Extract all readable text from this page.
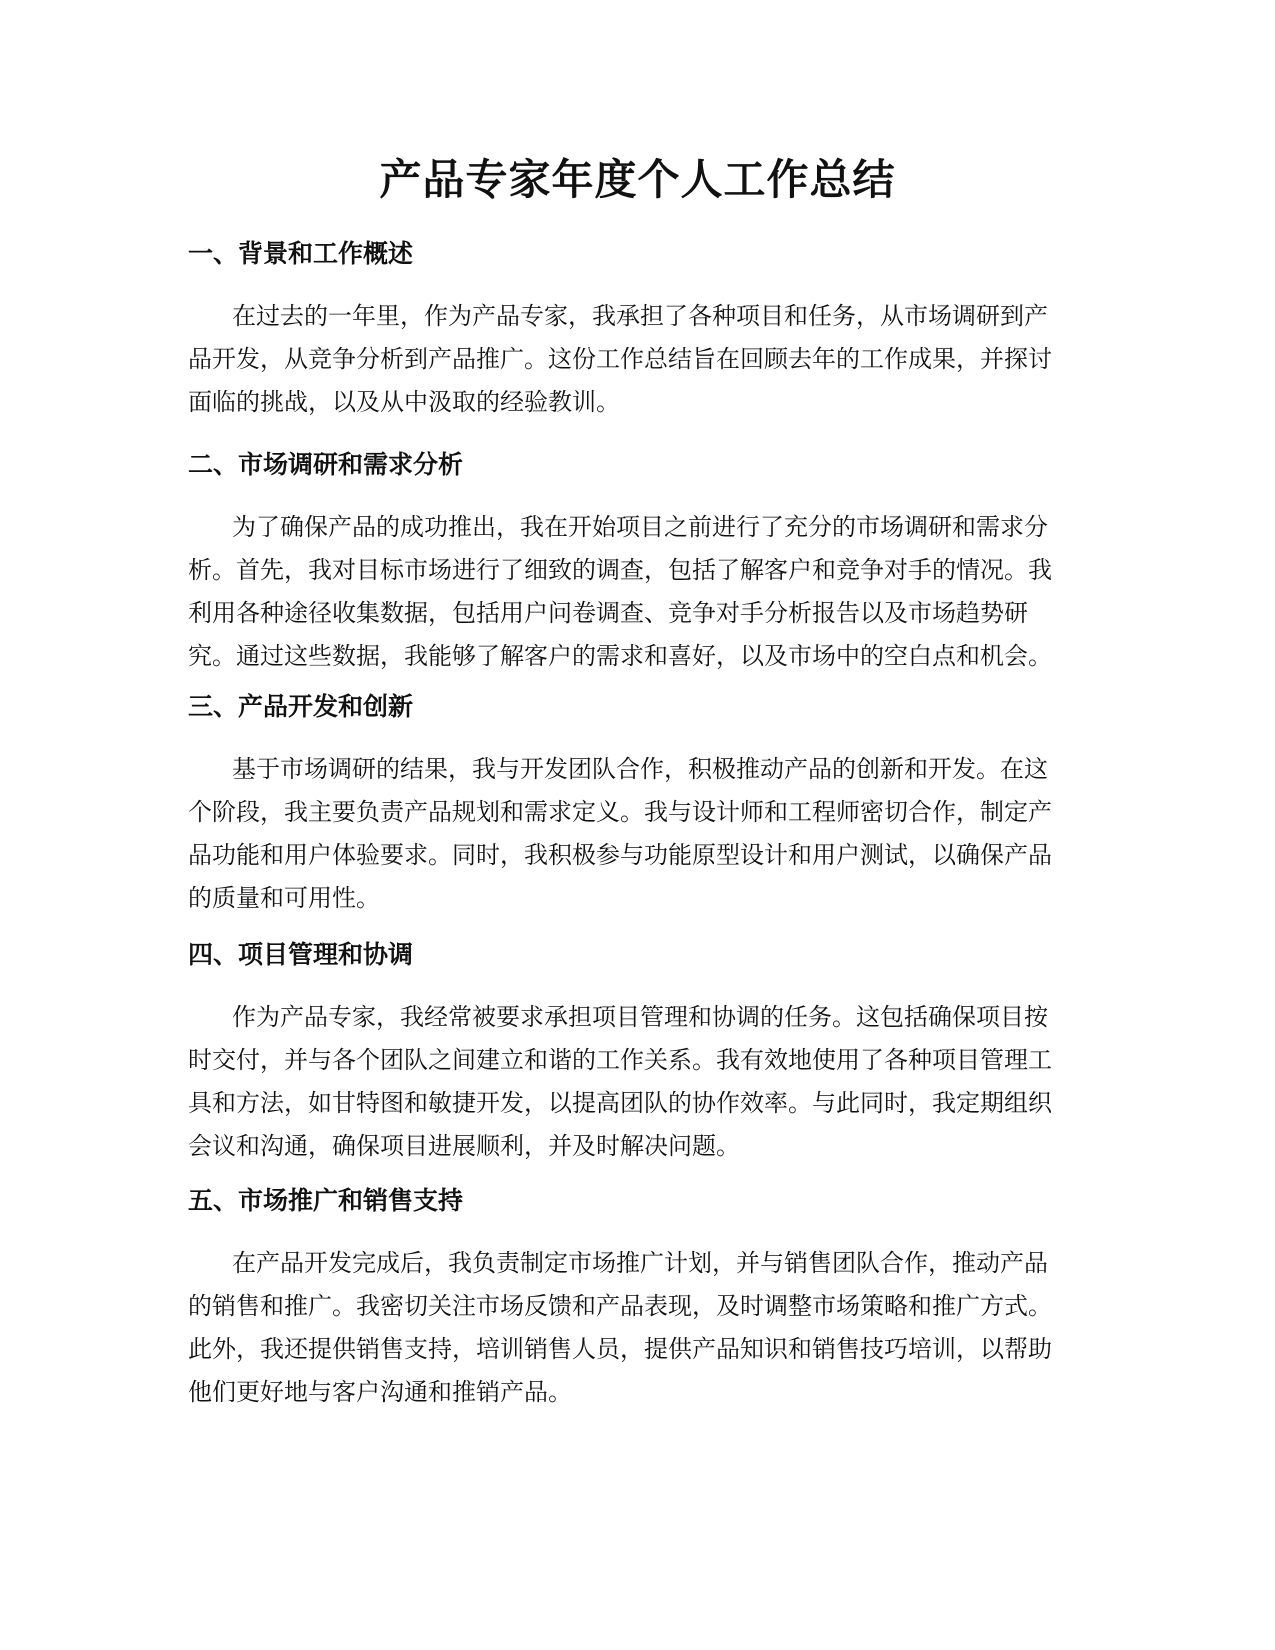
产品专家年度个人工作总结
一、背景和工作概述
在过去的一年里，作为产品专家，我承担了各种项目和任务，从市场调研到产
品开发，从竞争分析到产品推广。这份工作总结旨在回顾去年的工作成果，并探讨
面临的挑战，以及从中汲取的经验教训。
二、市场调研和需求分析
为了确保产品的成功推出，我在开始项目之前进行了充分的市场调研和需求分
析。首先，我对目标市场进行了细致的调查，包括了解客户和竞争对手的情况。我
利用各种途径收集数据，包括用户问卷调查、竞争对手分析报告以及市场趋势研
究。通过这些数据，我能够了解客户的需求和喜好，以及市场中的空白点和机会。
三、产品开发和创新
基于市场调研的结果，我与开发团队合作，积极推动产品的创新和开发。在这
个阶段，我主要负责产品规划和需求定义。我与设计师和工程师密切合作，制定产
品功能和用户体验要求。同时，我积极参与功能原型设计和用户测试，以确保产品
的质量和可用性。
四、项目管理和协调
作为产品专家，我经常被要求承担项目管理和协调的任务。这包括确保项目按
时交付，并与各个团队之间建立和谐的工作关系。我有效地使用了各种项目管理工
具和方法，如甘特图和敏捷开发，以提高团队的协作效率。与此同时，我定期组织
会议和沟通，确保项目进展顺利，并及时解决问题。
五、市场推广和销售支持
在产品开发完成后，我负责制定市场推广计划，并与销售团队合作，推动产品
的销售和推广。我密切关注市场反馈和产品表现，及时调整市场策略和推广方式。
此外，我还提供销售支持，培训销售人员，提供产品知识和销售技巧培训，以帮助
他们更好地与客户沟通和推销产品。
